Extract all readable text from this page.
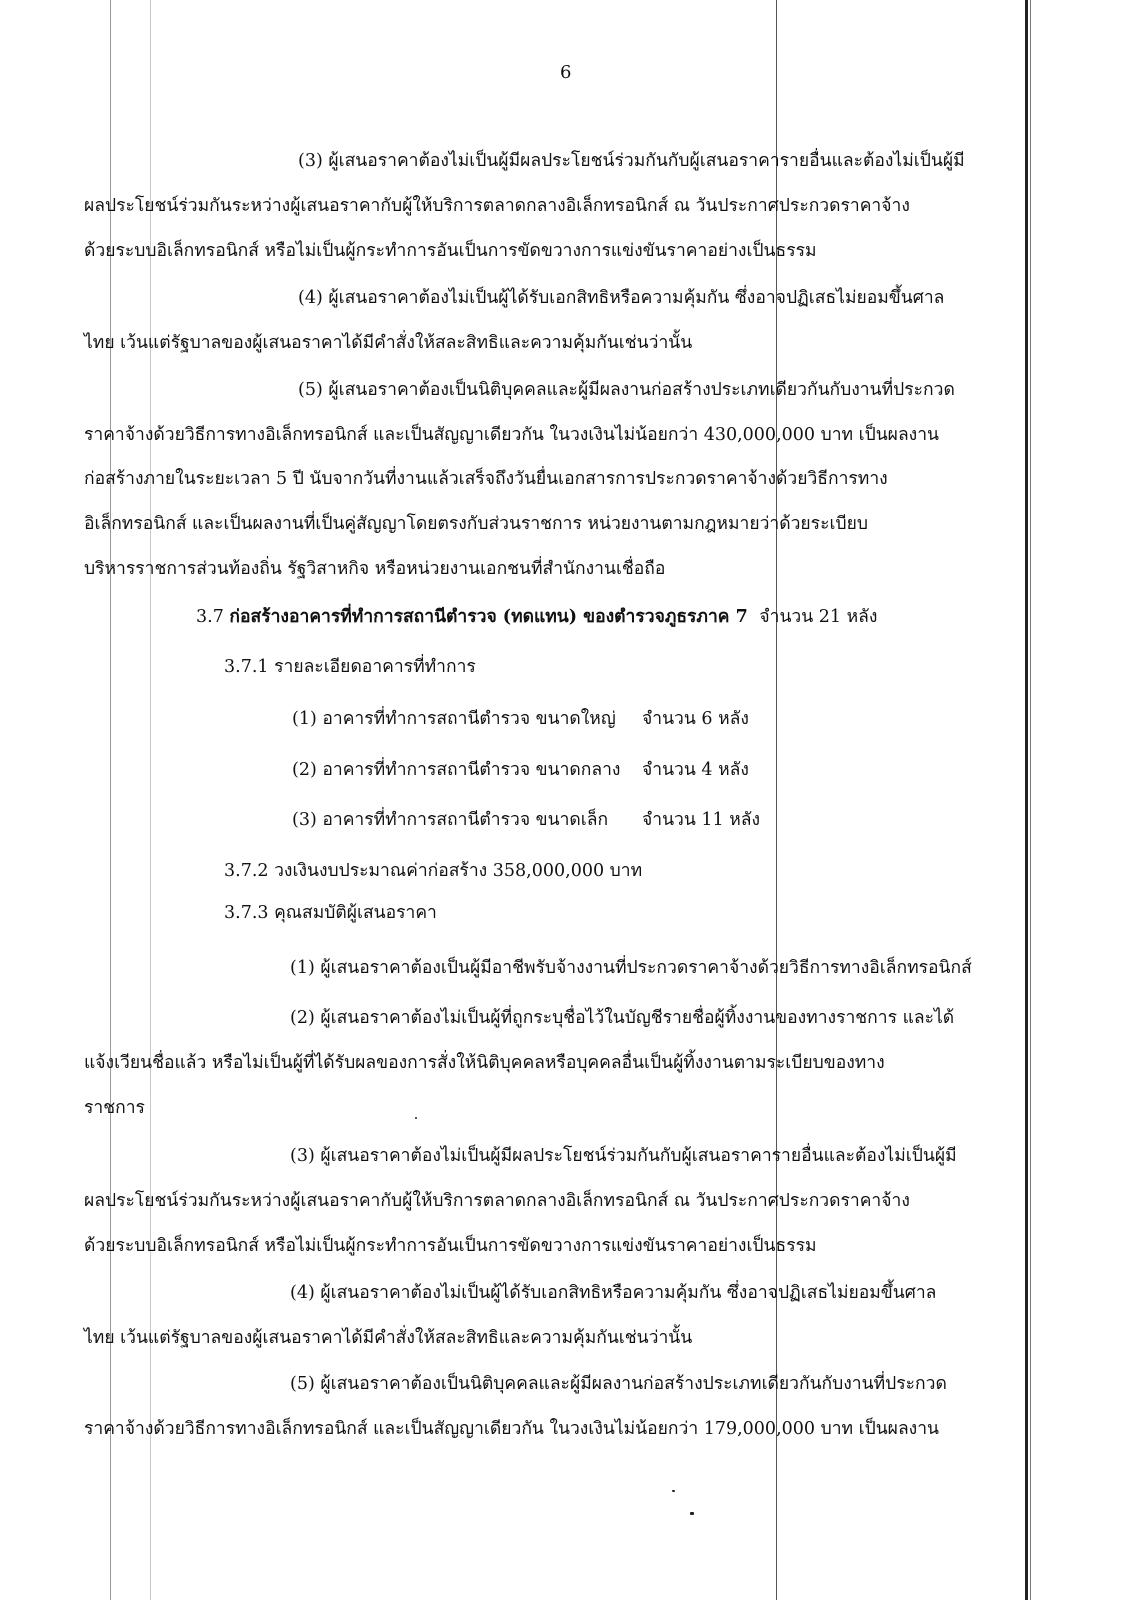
6
(3) ผู้เสนอราคาต้องไม่เป็นผู้มีผลประโยชน์ร่วมกันกับผู้เสนอราคารายอื่นและต้องไม่เป็นผู้มี
ผลประโยชน์ร่วมกันระหว่างผู้เสนอราคากับผู้ให้บริการตลาดกลางอิเล็กทรอนิกส์ ณ วันประกาศประกวดราคาจ้าง
ด้วยระบบอิเล็กทรอนิกส์ หรือไม่เป็นผู้กระทำการอันเป็นการขัดขวางการแข่งขันราคาอย่างเป็นธรรม
(4) ผู้เสนอราคาต้องไม่เป็นผู้ได้รับเอกสิทธิหรือความคุ้มกัน ซึ่งอาจปฏิเสธไม่ยอมขึ้นศาล
ไทย เว้นแต่รัฐบาลของผู้เสนอราคาได้มีคำสั่งให้สละสิทธิและความคุ้มกันเช่นว่านั้น
(5) ผู้เสนอราคาต้องเป็นนิติบุคคลและผู้มีผลงานก่อสร้างประเภทเดียวกันกับงานที่ประกวด
ราคาจ้างด้วยวิธีการทางอิเล็กทรอนิกส์ และเป็นสัญญาเดียวกัน ในวงเงินไม่น้อยกว่า 430,000,000 บาท เป็นผลงาน
ก่อสร้างภายในระยะเวลา 5 ปี นับจากวันที่งานแล้วเสร็จถึงวันยื่นเอกสารการประกวดราคาจ้างด้วยวิธีการทาง
อิเล็กทรอนิกส์ และเป็นผลงานที่เป็นคู่สัญญาโดยตรงกับส่วนราชการ หน่วยงานตามกฎหมายว่าด้วยระเบียบ
บริหารราชการส่วนท้องถิ่น รัฐวิสาหกิจ หรือหน่วยงานเอกชนที่สำนักงานเชื่อถือ
3.7 ก่อสร้างอาคารที่ทำการสถานีตำรวจ (ทดแทน) ของตำรวจภูธรภาค 7 จำนวน 21 หลัง
3.7.1 รายละเอียดอาคารที่ทำการ
(1) อาคารที่ทำการสถานีตำรวจ ขนาดใหญ่ จำนวน 6 หลัง
(2) อาคารที่ทำการสถานีตำรวจ ขนาดกลาง จำนวน 4 หลัง
(3) อาคารที่ทำการสถานีตำรวจ ขนาดเล็ก จำนวน 11 หลัง
3.7.2 วงเงินงบประมาณค่าก่อสร้าง 358,000,000 บาท
3.7.3 คุณสมบัติผู้เสนอราคา
(1) ผู้เสนอราคาต้องเป็นผู้มีอาชีพรับจ้างงานที่ประกวดราคาจ้างด้วยวิธีการทางอิเล็กทรอนิกส์
(2) ผู้เสนอราคาต้องไม่เป็นผู้ที่ถูกระบุชื่อไว้ในบัญชีรายชื่อผู้ทิ้งงานของทางราชการ และได้
แจ้งเวียนชื่อแล้ว หรือไม่เป็นผู้ที่ได้รับผลของการสั่งให้นิติบุคคลหรือบุคคลอื่นเป็นผู้ทิ้งงานตามระเบียบของทาง
ราชการ
(3) ผู้เสนอราคาต้องไม่เป็นผู้มีผลประโยชน์ร่วมกันกับผู้เสนอราคารายอื่นและต้องไม่เป็นผู้มี
ผลประโยชน์ร่วมกันระหว่างผู้เสนอราคากับผู้ให้บริการตลาดกลางอิเล็กทรอนิกส์ ณ วันประกาศประกวดราคาจ้าง
ด้วยระบบอิเล็กทรอนิกส์ หรือไม่เป็นผู้กระทำการอันเป็นการขัดขวางการแข่งขันราคาอย่างเป็นธรรม
(4) ผู้เสนอราคาต้องไม่เป็นผู้ได้รับเอกสิทธิหรือความคุ้มกัน ซึ่งอาจปฏิเสธไม่ยอมขึ้นศาล
ไทย เว้นแต่รัฐบาลของผู้เสนอราคาได้มีคำสั่งให้สละสิทธิและความคุ้มกันเช่นว่านั้น
(5) ผู้เสนอราคาต้องเป็นนิติบุคคลและผู้มีผลงานก่อสร้างประเภทเดียวกันกับงานที่ประกวด
ราคาจ้างด้วยวิธีการทางอิเล็กทรอนิกส์ และเป็นสัญญาเดียวกัน ในวงเงินไม่น้อยกว่า 179,000,000 บาท เป็นผลงาน
